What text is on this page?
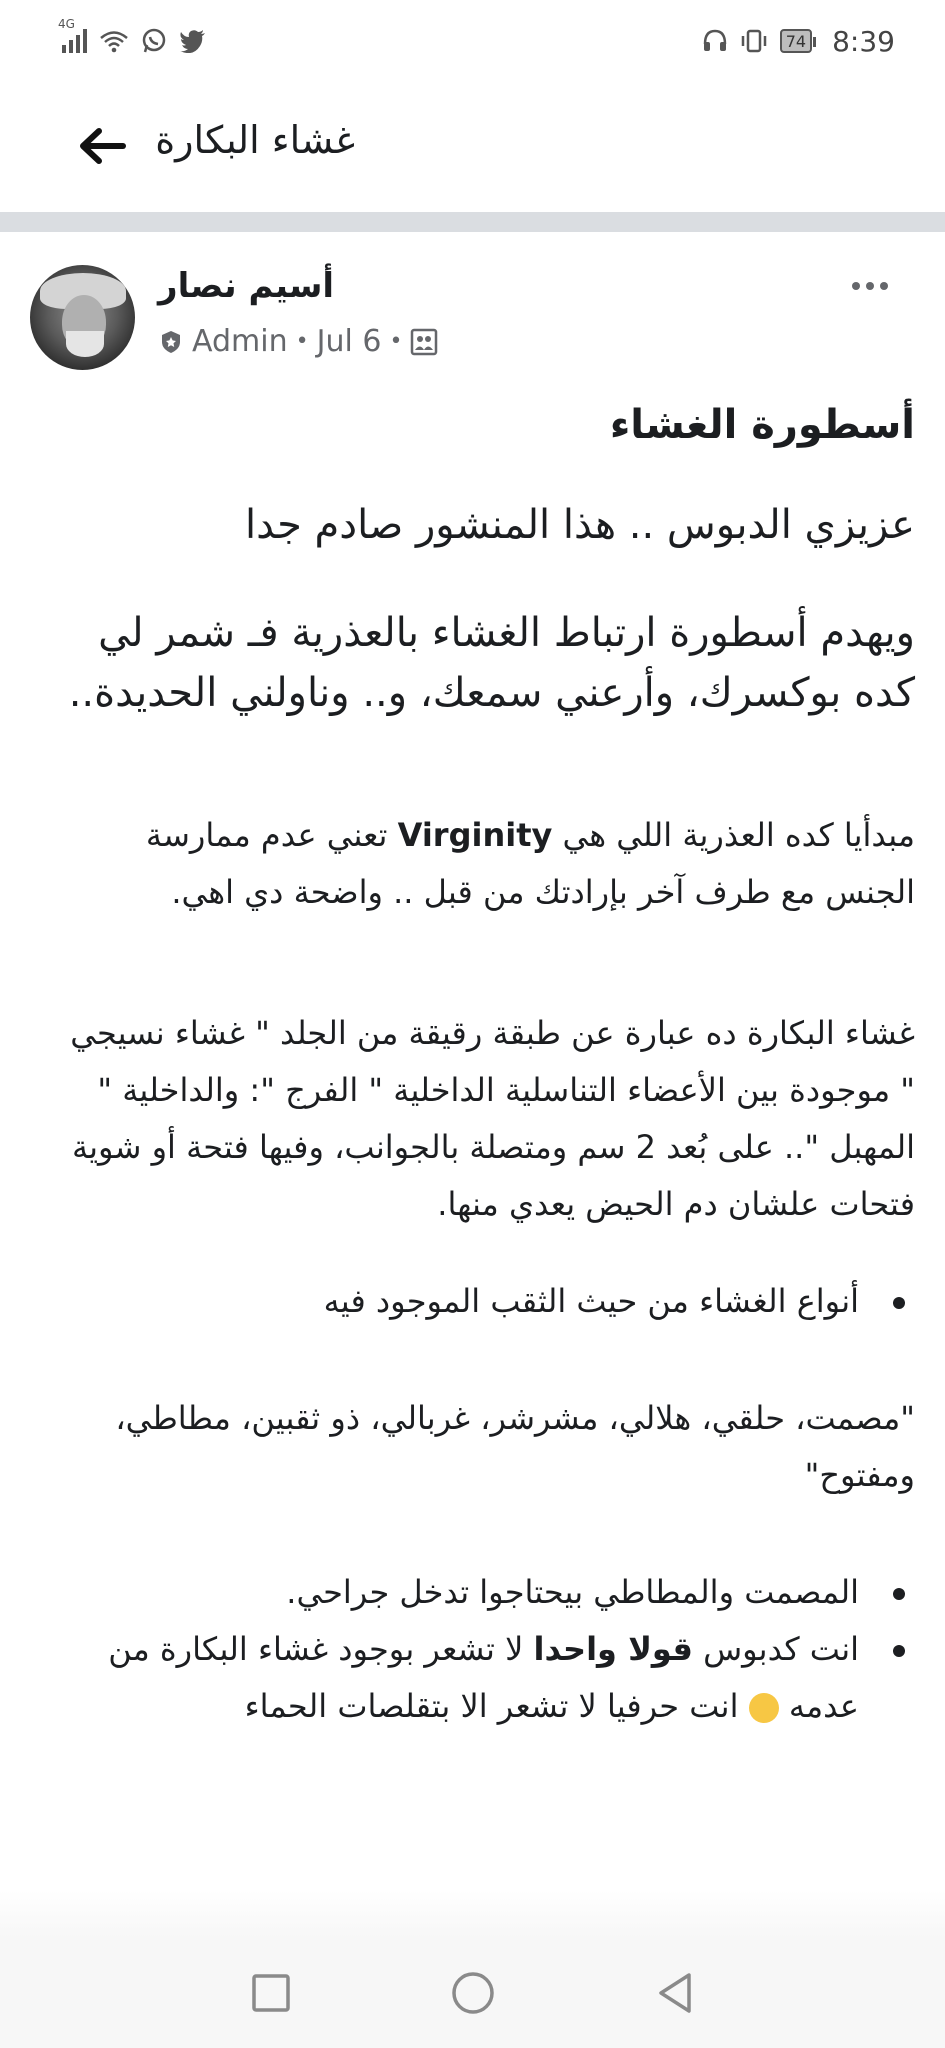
4G
74 8:39
غشاء البكارة
أسيم نصار
Admin • Jul 6 •
أسطورة الغشاء
عزيزي الدبوس .. هذا المنشور صادم جدا
ويهدم أسطورة ارتباط الغشاء بالعذرية فـ شمر لي كده بوكسرك، وأرعني سمعك، و.. وناولني الحديدة..
مبدأيا كده العذرية اللي هي Virginity تعني عدم ممارسة الجنس مع طرف آخر بإرادتك من قبل .. واضحة دي اهي.
غشاء البكارة ده عبارة عن طبقة رقيقة من الجلد " غشاء نسيجي " موجودة بين الأعضاء التناسلية الداخلية " الفرج ": والداخلية " المهبل ".. على بُعد 2 سم ومتصلة بالجوانب، وفيها فتحة أو شوية فتحات علشان دم الحيض يعدي منها.
أنواع الغشاء من حيث الثقب الموجود فيه
"مصمت، حلقي، هلالي، مشرشر، غربالي، ذو ثقبين، مطاطي، ومفتوح"
المصمت والمطاطي بيحتاجوا تدخل جراحي.
انت كدبوس قولا واحدا لا تشعر بوجود غشاء البكارة من عدمه  انت حرفيا لا تشعر الا بتقلصات الحماء
